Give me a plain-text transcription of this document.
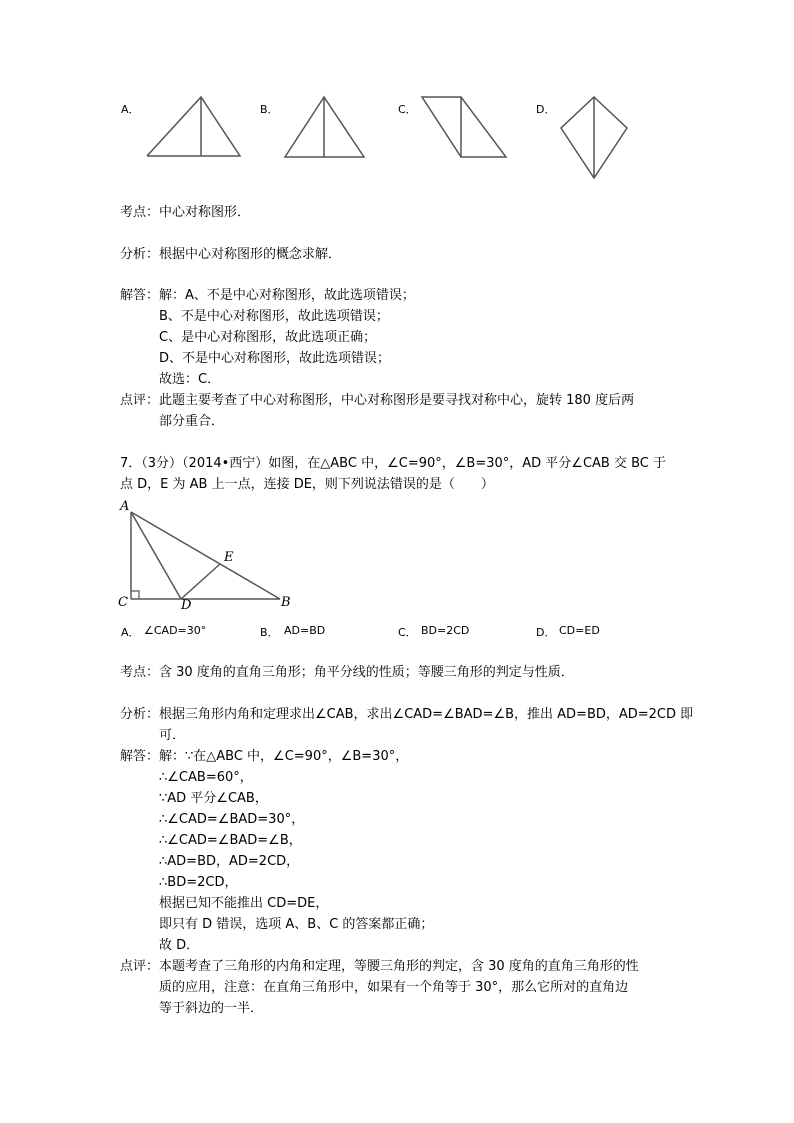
A．	B．	C．	D．
考点： 中心对称图形．
分析： 根据中心对称图形的概念求解．
解答： 解：A、不是中心对称图形，故此选项错误；
B、不是中心对称图形，故此选项错误；
C、是中心对称图形，故此选项正确；
D、不是中心对称图形，故此选项错误；
故选：C．
点评： 此题主要考查了中心对称图形，中心对称图形是要寻找对称中心，旋转 180 度后两
部分重合．
7．（3分）（2014•西宁）如图，在△ABC 中，∠C=90°，∠B=30°，AD 平分∠CAB 交 BC 于
点 D，E 为 AB 上一点，连接 DE，则下列说法错误的是（　　）
A
C	D
E
B
A． ∠CAD=30°	B． AD=BD	C． BD=2CD	D． CD=ED
考点： 含 30 度角的直角三角形；角平分线的性质；等腰三角形的判定与性质．
分析： 根据三角形内角和定理求出∠CAB，求出∠CAD=∠BAD=∠B，推出 AD=BD，AD=2CD 即
可．
解答： 解：∵在△ABC 中，∠C=90°，∠B=30°，
∴∠CAB=60°，
∵AD 平分∠CAB，
∴∠CAD=∠BAD=30°，
∴∠CAD=∠BAD=∠B，
∴AD=BD，AD=2CD，
∴BD=2CD，
根据已知不能推出 CD=DE，
即只有 D 错误，选项 A、B、C 的答案都正确；
故 D．
点评： 本题考查了三角形的内角和定理，等腰三角形的判定，含 30 度角的直角三角形的性
质的应用，注意：在直角三角形中，如果有一个角等于 30°，那么它所对的直角边
等于斜边的一半．
